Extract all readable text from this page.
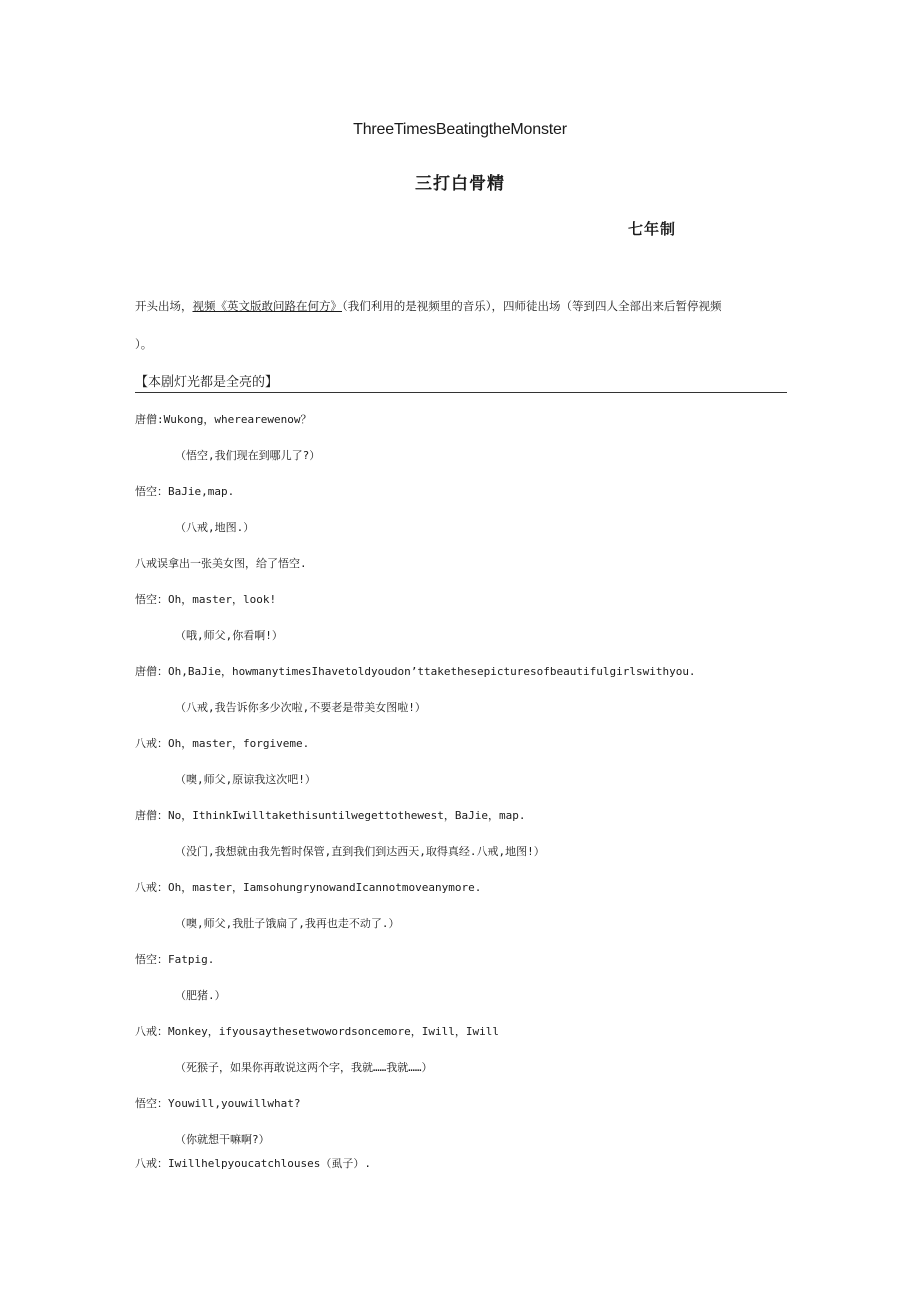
ThreeTimesBeatingtheMonster
三打白骨精
七年制
开头出场，视频《英文版敢问路在何方》（我们利用的是视频里的音乐），四师徒出场（等到四人全部出来后暂停视频
）。
【本剧灯光都是全亮的】
唐僧:Wukong，wherearewenow？
（悟空,我们现在到哪儿了?）
悟空：BaJie,map.
（八戒,地图.）
八戒误拿出一张美女图，给了悟空.
悟空：Oh，master，look!
（哦,师父,你看啊!）
唐僧：Oh,BaJie，howmanytimesIhavetoldyoudon’ttakethesepicturesofbeautifulgirlswithyou.
（八戒,我告诉你多少次啦,不要老是带美女图啦!）
八戒：Oh，master，forgiveme.
（噢,师父,原谅我这次吧!）
唐僧：No，IthinkIwilltakethisuntilwegettothewest，BaJie，map.
（没门,我想就由我先暂时保管,直到我们到达西天,取得真经.八戒,地图!）
八戒：Oh，master，IamsohungrynowandIcannotmoveanymore.
（噢,师父,我肚子饿扁了,我再也走不动了.）
悟空：Fatpig.
（肥猪.）
八戒：Monkey，ifyousaythesetwowordsoncemore，Iwill，Iwill
（死猴子，如果你再敢说这两个字，我就……我就……）
悟空：Youwill,youwillwhat?
（你就想干嘛啊?）
八戒：Iwillhelpyoucatchlouses（虱子）.
